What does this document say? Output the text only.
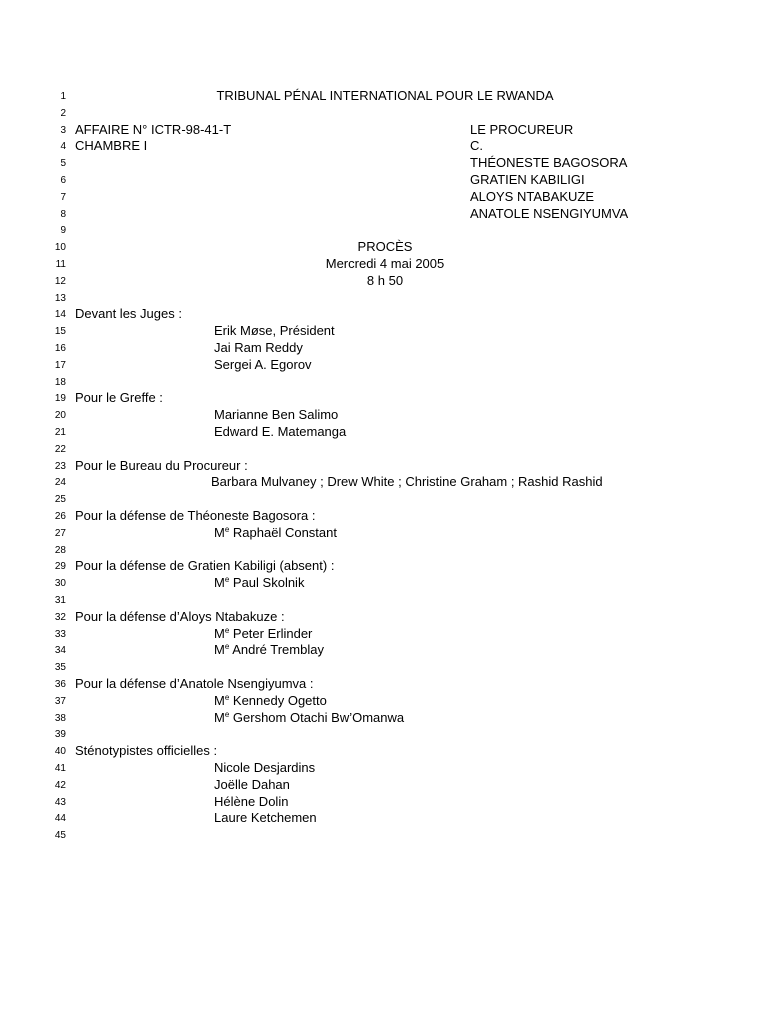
1	TRIBUNAL PÉNAL INTERNATIONAL POUR LE RWANDA
2
3 AFFAIRE N° ICTR-98-41-T	LE PROCUREUR
4 CHAMBRE I	C.
5	THÉONESTE BAGOSORA
6	GRATIEN KABILIGI
7	ALOYS NTABAKUZE
8	ANATOLE NSENGIYUMVA
9
10	PROCÈS
11	Mercredi 4 mai 2005
12	8 h 50
13
14 Devant les Juges :
15	Erik Møse, Président
16	Jai Ram Reddy
17	Sergei A. Egorov
18
19 Pour le Greffe :
20	Marianne Ben Salimo
21	Edward E. Matemanga
22
23 Pour le Bureau du Procureur :
24	Barbara Mulvaney ; Drew White ; Christine Graham ; Rashid Rashid
25
26 Pour la défense de Théoneste Bagosora :
27	Me Raphaël Constant
28
29 Pour la défense de Gratien Kabiligi (absent) :
30	Me Paul Skolnik
31
32 Pour la défense d’Aloys Ntabakuze :
33	Me Peter Erlinder
34	Me André Tremblay
35
36 Pour la défense d’Anatole Nsengiyumva :
37	Me Kennedy Ogetto
38	Me Gershom Otachi Bw’Omanwa
39
40 Sténotypistes officielles :
41	Nicole Desjardins
42	Joëlle Dahan
43	Hélène Dolin
44	Laure Ketchemen
45
